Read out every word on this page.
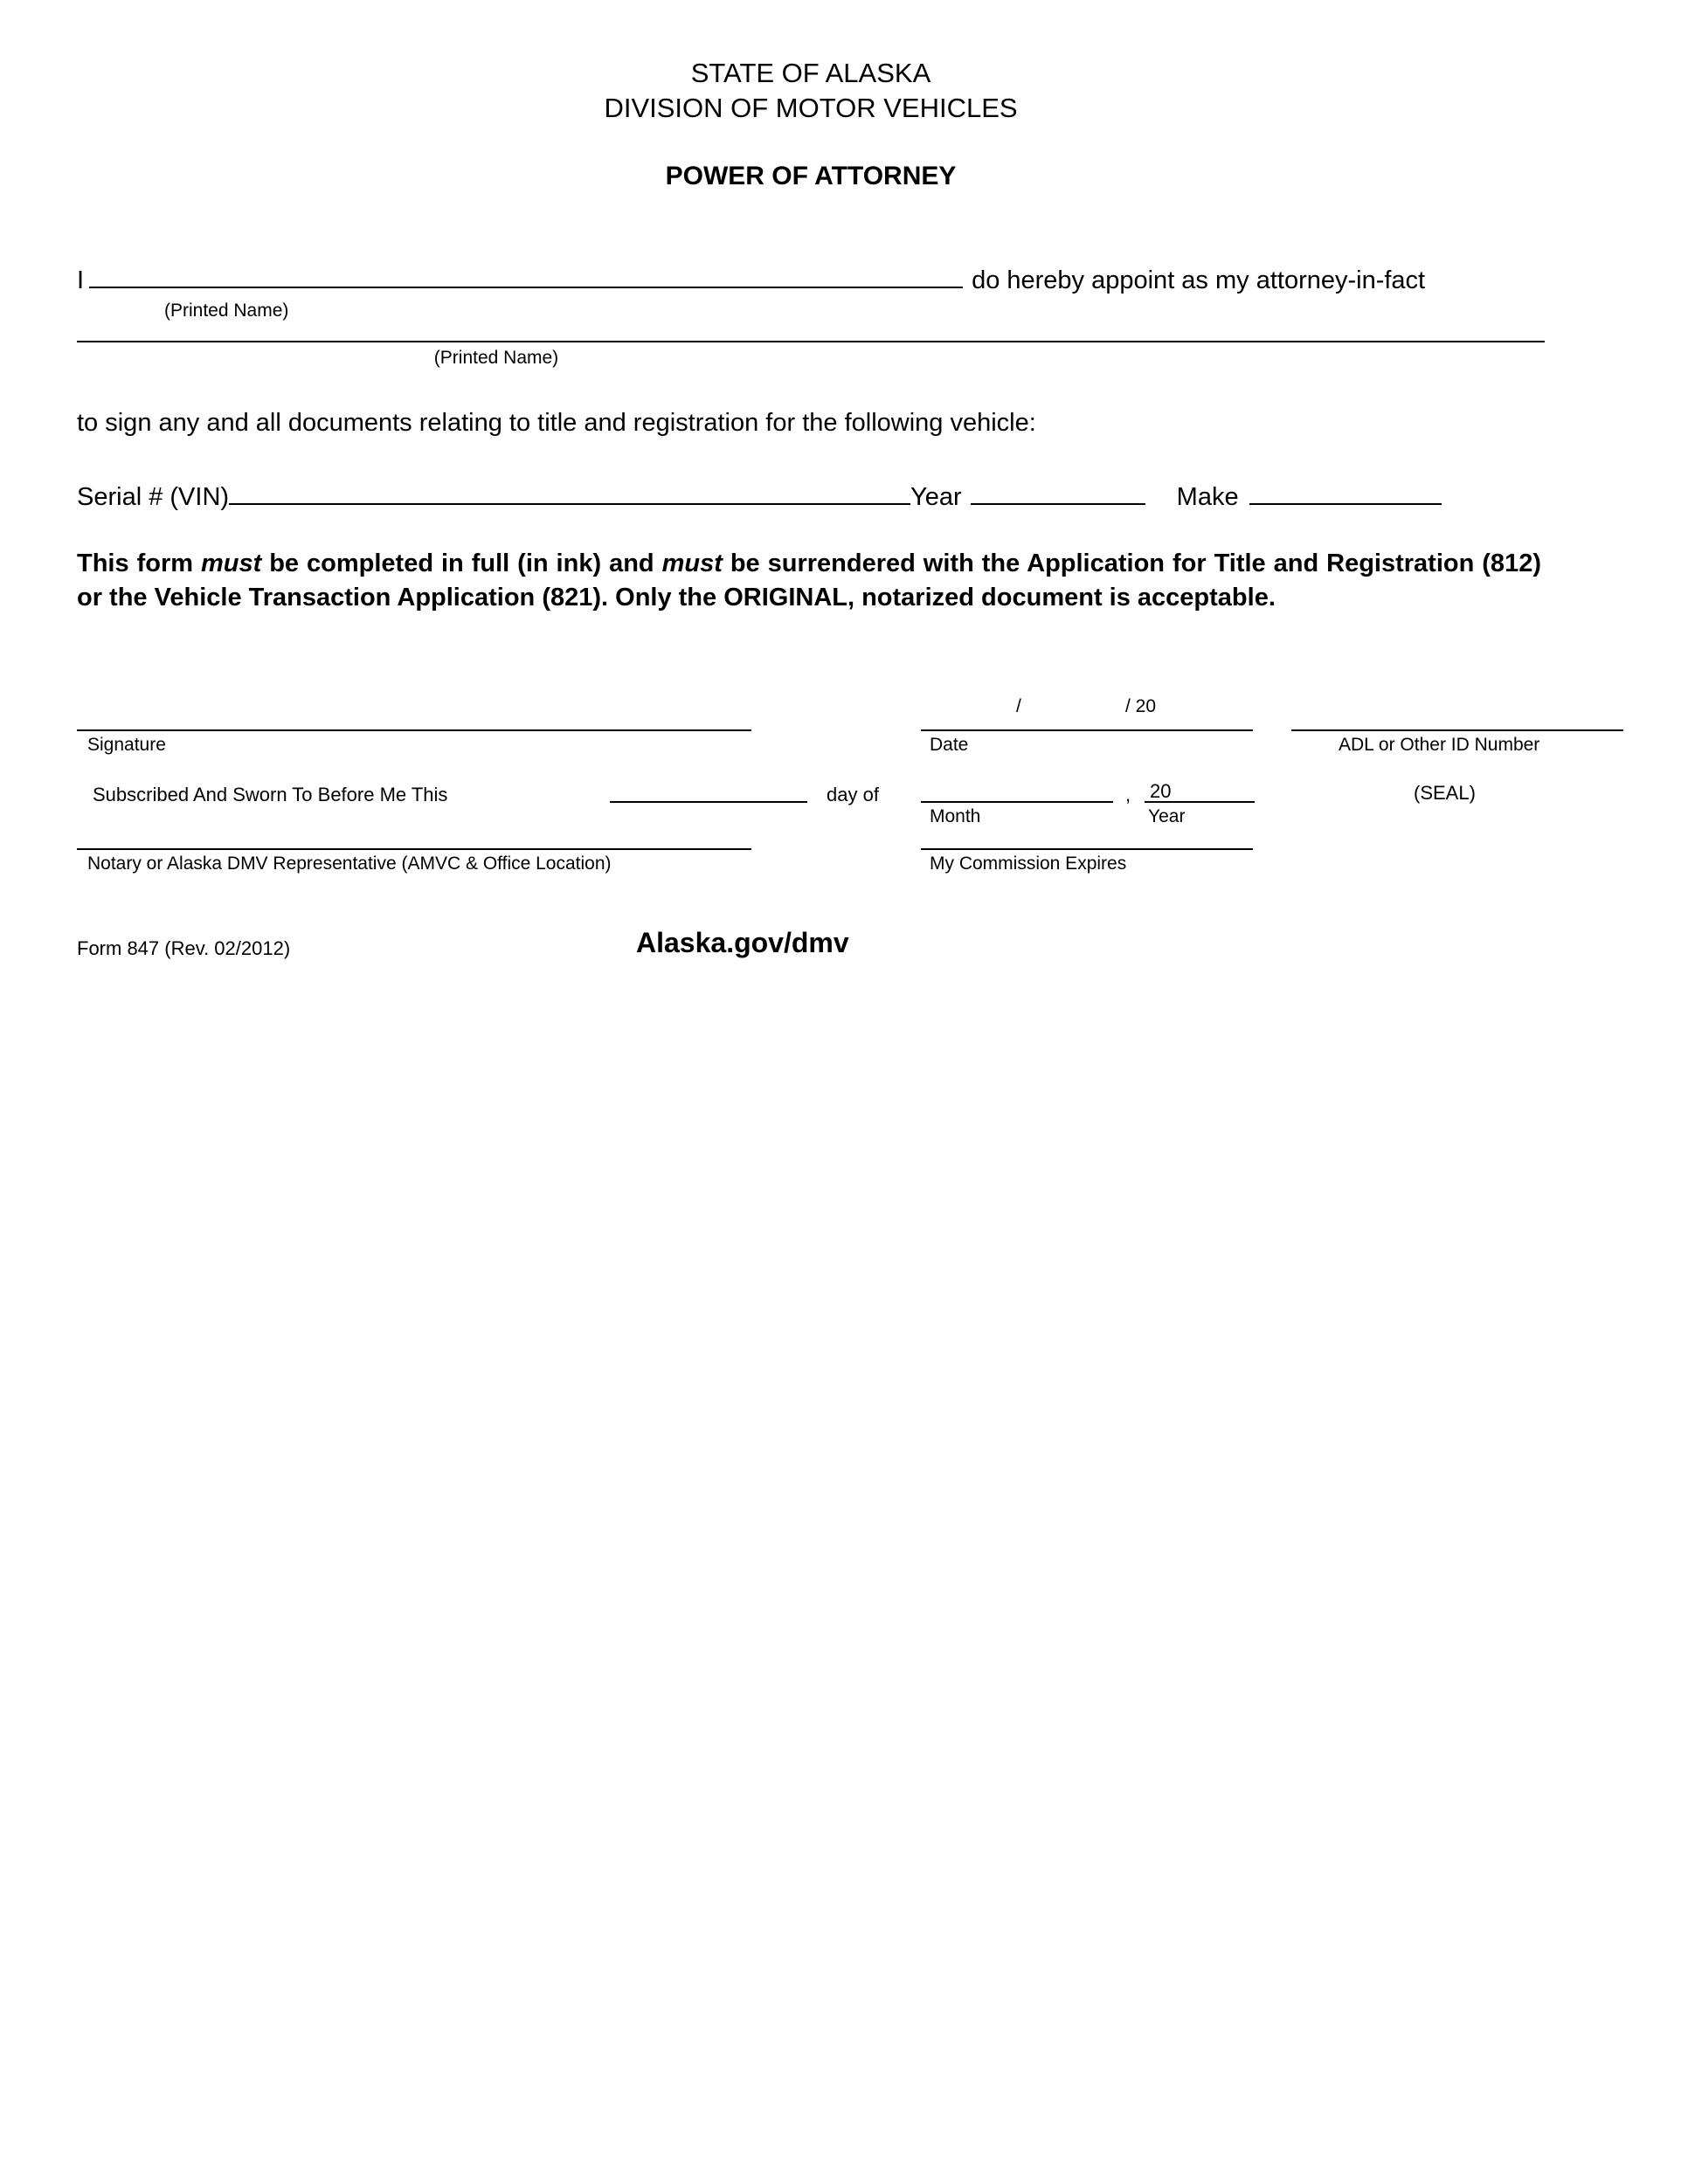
STATE OF ALASKA
DIVISION OF MOTOR VEHICLES
POWER OF ATTORNEY
I	do hereby appoint as my attorney-in-fact
(Printed Name)
(Printed Name)
to sign any and all documents relating to title and registration for the following vehicle:
Serial # (VIN)	Year	Make
This form must be completed in full (in ink) and must be surrendered with the Application for Title and Registration (812) or the Vehicle Transaction Application (821). Only the ORIGINAL, notarized document is acceptable.
Signature
/	/ 20
Date	ADL or Other ID Number
Subscribed And Sworn To Before Me This	day of
Month
, 20
Year
(SEAL)
Notary or Alaska DMV Representative (AMVC & Office Location)	My Commission Expires
Form 847 (Rev. 02/2012)	Alaska.gov/dmv
